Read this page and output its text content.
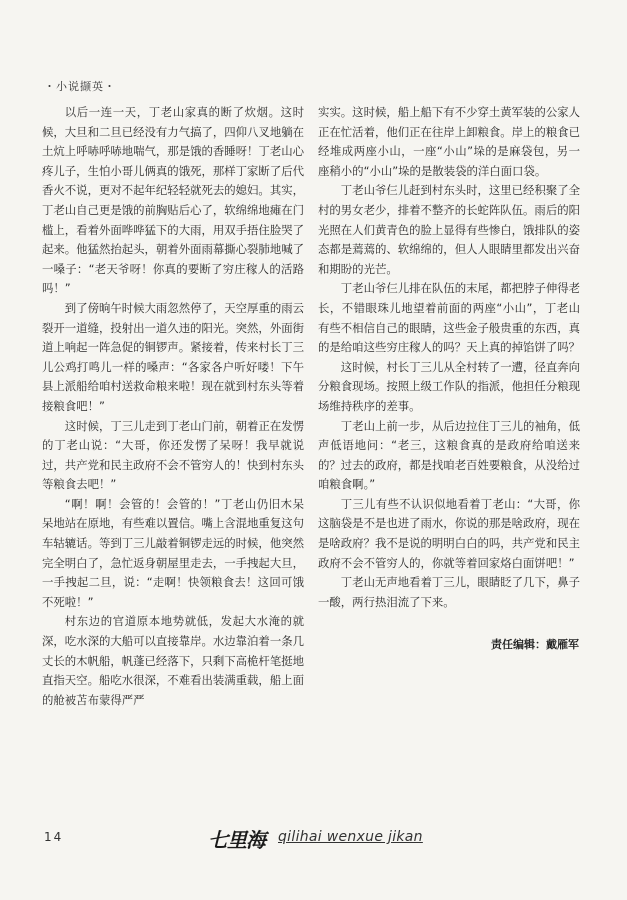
・小说撷英・

以后一连一天，丁老山家真的断了炊烟。这时候，大旦和二旦已经没有力气搞了，四仰八叉地躺在土炕上呼哧呼哧地喘气，那是饿的香睡呀！丁老山心疼儿子，生怕小哥儿俩真的饿死，那样丁家断了后代香火不说，更对不起年纪轻轻就死去的媳妇。其实，丁老山自己更是饿的前胸贴后心了，软绵绵地瘫在门槛上，看着外面哗哗猛下的大雨，用双手捂住脸哭了起来。他猛然抬起头，朝着外面雨幕撕心裂肺地喊了一嗓子：“老天爷呀！你真的要断了穷庄稼人的活路吗！”

到了傍晌午时候大雨忽然停了，天空厚重的雨云裂开一道缝，投射出一道久违的阳光。突然，外面街道上响起一阵急促的铜锣声。紧接着，传来村长丁三儿公鸡打鸣儿一样的嗓声：“各家各户听好喽！下午县上派船给咱村送救命粮来啦！现在就到村东头等着接粮食吧！”

这时候，丁三儿走到丁老山门前，朝着正在发愣的丁老山说：“大哥，你还发愣了呆呀！我早就说过，共产党和民主政府不会不管穷人的！快到村东头等粮食去吧！”

“啊！啊！会管的！会管的！”丁老山仍旧木呆呆地站在原地，有些难以置信。嘴上含混地重复这句车轱辘话。等到丁三儿敲着铜锣走远的时候，他突然完全明白了，急忙返身朝屋里走去，一手拽起大旦，一手拽起二旦，说：“走啊！快领粮食去！这回可饿不死啦！”

村东边的官道原本地势就低，发起大水淹的就深，吃水深的大船可以直接靠岸。水边靠泊着一条几丈长的木帆船，帆蓬已经落下，只剩下高桅杆笔挺地直指天空。船吃水很深，不难看出装满重载，船上面的舱被苫布蒙得严严

实实。这时候，船上船下有不少穿土黄军装的公家人正在忙活着，他们正在往岸上卸粮食。岸上的粮食已经堆成两座小山，一座“小山”垛的是麻袋包，另一座稍小的“小山”垛的是散装袋的洋白面口袋。

丁老山爷仨儿赶到村东头时，这里已经积聚了全村的男女老少，排着不整齐的长蛇阵队伍。雨后的阳光照在人们黄青色的脸上显得有些惨白，饿排队的姿态都是蔫蔫的、软绵绵的，但人人眼睛里都发出兴奋和期盼的光芒。

丁老山爷仨儿排在队伍的末尾，都把脖子伸得老长，不错眼珠儿地望着前面的两座“小山”，丁老山有些不相信自己的眼睛，这些金子般贵重的东西，真的是给咱这些穷庄稼人的吗？天上真的掉馅饼了吗？

这时候，村长丁三儿从全村转了一遭，径直奔向分粮食现场。按照上级工作队的指派，他担任分粮现场维持秩序的差事。

丁老山上前一步，从后边拉住丁三儿的袖角，低声低语地问：“老三，这粮食真的是政府给咱送来的？过去的政府，都是找咱老百姓要粮食，从没给过咱粮食啊。”

丁三儿有些不认识似地看着丁老山：“大哥，你这脑袋是不是也进了雨水，你说的那是啥政府，现在是啥政府？我不是说的明明白白的吗，共产党和民主政府不会不管穷人的，你就等着回家烙白面饼吧！”

丁老山无声地看着丁三儿，眼睛眨了几下，鼻子一酸，两行热泪流了下来。

责任编辑：戴雁军
14	七里海 qilihai wenxue jikan
